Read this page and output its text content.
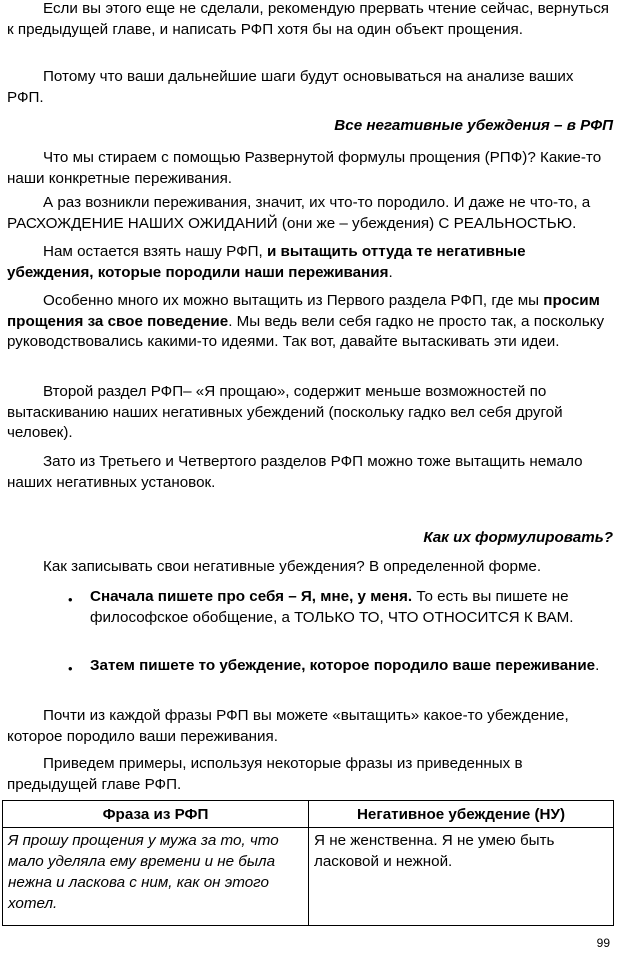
Если вы этого еще не сделали, рекомендую прервать чтение сейчас, вернуться к предыдущей главе, и написать РФП хотя бы на один объект прощения.

Потому что ваши дальнейшие шаги будут основываться на анализе ваших РФП.

Все негативные убеждения – в РФП

Что мы стираем с помощью Развернутой формулы прощения (РПФ)? Какие-то наши конкретные переживания.

А раз возникли переживания, значит, их что-то породило. И даже не что-то, а РАСХОЖДЕНИЕ НАШИХ ОЖИДАНИЙ (они же – убеждения) С РЕАЛЬНОСТЬЮ.

Нам остается взять нашу РФП, и вытащить оттуда те негативные убеждения, которые породили наши переживания.

Особенно много их можно вытащить из Первого раздела РФП, где мы просим прощения за свое поведение. Мы ведь вели себя гадко не просто так, а поскольку руководствовались какими-то идеями. Так вот, давайте вытаскивать эти идеи.

Второй раздел РФП– «Я прощаю», содержит меньше возможностей по вытаскиванию наших негативных убеждений (поскольку гадко вел себя другой человек).

Зато из Третьего и Четвертого разделов РФП можно тоже вытащить немало наших негативных установок.

Как их формулировать?

Как записывать свои негативные убеждения? В определенной форме.

• Сначала пишете про себя – Я, мне, у меня. То есть вы пишете не философское обобщение, а ТОЛЬКО ТО, ЧТО ОТНОСИТСЯ К ВАМ.

• Затем пишете то убеждение, которое породило ваше переживание.

Почти из каждой фразы РФП вы можете «вытащить» какое-то убеждение, которое породило ваши переживания.

Приведем примеры, используя некоторые фразы из приведенных в предыдущей главе РФП.

Фраза из РФП	Негативное убеждение (НУ)
Я прошу прощения у мужа за то, что мало уделяла ему времени и не была нежна и ласкова с ним, как он этого хотел.	Я не женственна. Я не умею быть ласковой и нежной.
99
